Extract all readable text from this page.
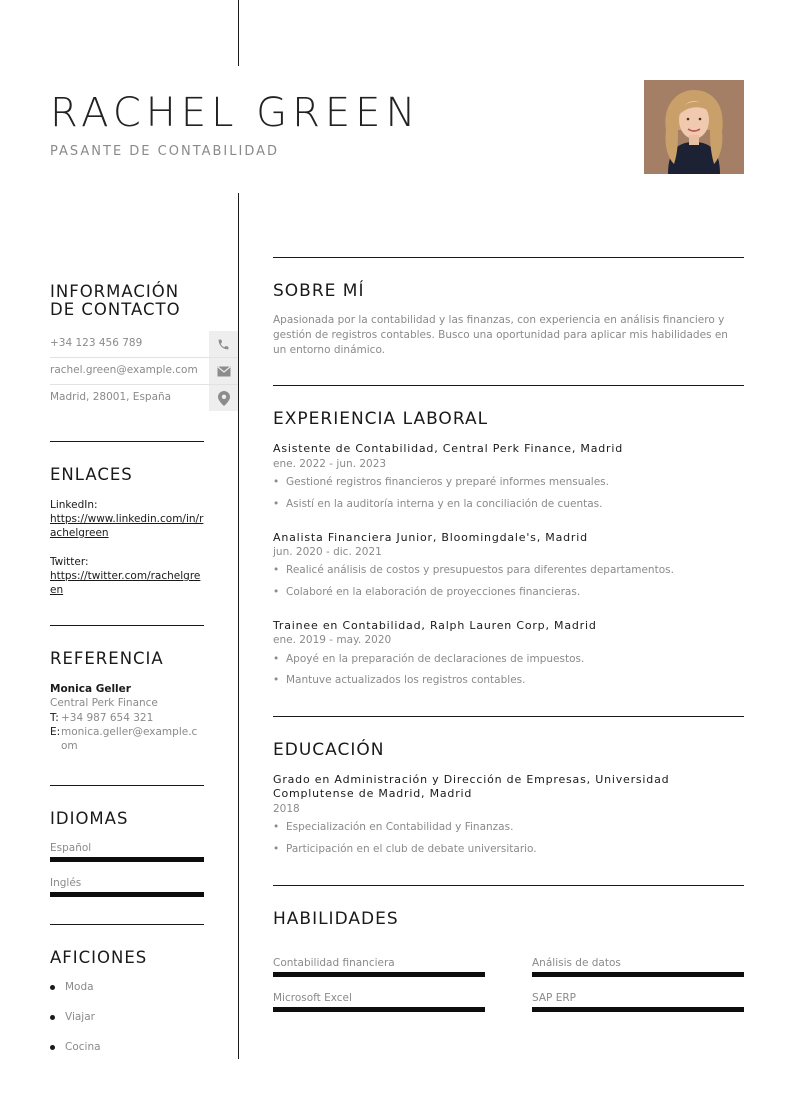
RACHEL GREEN
PASANTE DE CONTABILIDAD
INFORMACIÓN
DE CONTACTO
+34 123 456 789
rachel.green@example.com
Madrid, 28001, España
ENLACES
LinkedIn:
https://www.linkedin.com/in/rachelgreen
Twitter:
https://twitter.com/rachelgreen
REFERENCIA
Monica Geller
Central Perk Finance
T: +34 987 654 321
E: monica.geller@example.com
IDIOMAS
Español
Inglés
AFICIONES
Moda
Viajar
Cocina
SOBRE MÍ
Apasionada por la contabilidad y las finanzas, con experiencia en análisis financiero y gestión de registros contables. Busco una oportunidad para aplicar mis habilidades en un entorno dinámico.
EXPERIENCIA LABORAL
Asistente de Contabilidad, Central Perk Finance, Madrid
ene. 2022 - jun. 2023
• Gestioné registros financieros y preparé informes mensuales.
• Asistí en la auditoría interna y en la conciliación de cuentas.
Analista Financiera Junior, Bloomingdale's, Madrid
jun. 2020 - dic. 2021
• Realicé análisis de costos y presupuestos para diferentes departamentos.
• Colaboré en la elaboración de proyecciones financieras.
Trainee en Contabilidad, Ralph Lauren Corp, Madrid
ene. 2019 - may. 2020
• Apoyé en la preparación de declaraciones de impuestos.
• Mantuve actualizados los registros contables.
EDUCACIÓN
Grado en Administración y Dirección de Empresas, Universidad Complutense de Madrid, Madrid
2018
• Especialización en Contabilidad y Finanzas.
• Participación en el club de debate universitario.
HABILIDADES
Contabilidad financiera	Análisis de datos
Microsoft Excel	SAP ERP
